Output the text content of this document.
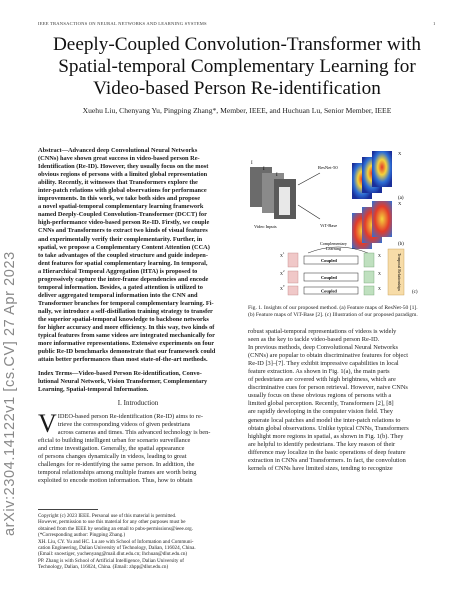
IEEE TRANSACTIONS ON NEURAL NETWORKS AND LEARNING SYSTEMS	1
Deeply-Coupled Convolution-Transformer with
Spatial-temporal Complementary Learning for
Video-based Person Re-identification
Xuehu Liu, Chenyang Yu, Pingping Zhang*, Member, IEEE, and Huchuan Lu, Senior Member, IEEE
arXiv:2304.14122v1 [cs.CV] 27 Apr 2023
Abstract—Advanced deep Convolutional Neural Networks
(CNNs) have shown great success in video-based person Re-
Identification (Re-ID). However, they usually focus on the most
obvious regions of persons with a limited global representation
ability. Recently, it witnesses that Transformers explore the
inter-patch relations with global observations for performance
improvements. In this work, we take both sides and propose
a novel spatial-temporal complementary learning framework
named Deeply-Coupled Convolution-Transformer (DCCT) for
high-performance video-based person Re-ID. Firstly, we couple
CNNs and Transformers to extract two kinds of visual features
and experimentally verify their complementarity. Further, in
spatial, we propose a Complementary Content Attention (CCA)
to take advantages of the coupled structure and guide indepen-
dent features for spatial complementary learning. In temporal,
a Hierarchical Temporal Aggregation (HTA) is proposed to
progressively capture the inter-frame dependencies and encode
temporal information. Besides, a gated attention is utilized to
deliver aggregated temporal information into the CNN and
Transformer branches for temporal complementary learning. Fi-
nally, we introduce a self-distillation training strategy to transfer
the superior spatial-temporal knowledge to backbone networks
for higher accuracy and more efficiency. In this way, two kinds of
typical features from same videos are integrated mechanically for
more informative representations. Extensive experiments on four
public Re-ID benchmarks demonstrate that our framework could
attain better performances than most state-of-the-art methods.
Index Terms—Video-based Person Re-identification, Convo-
lutional Neural Network, Vision Transformer, Complementary
Learning, Spatial-temporal Information.
I. Introduction
V IDEO-based person Re-identification (Re-ID) aims to re-
trieve the corresponding videos of given pedestrians
across cameras and times. This advanced technology is ben-
eficial to building intelligent urban for scenario surveillance
and crime investigation. Generally, the spatial appearance
of persons changes dynamically in videos, leading to great
challenges for re-identifying the same person. In addition, the
temporal relationships among multiple frames are worth being
exploited to encode motion information. Thus, how to obtain
Copyright (c) 2023 IEEE. Personal use of this material is permitted.
However, permission to use this material for any other purposes must be
obtained from the IEEE by sending an email to pubs-permissions@ieee.org.
(*Corresponding author: Pingping Zhang.)
XH. Liu, CY. Yu and HC. Lu are with School of Information and Communi-
cation Engineering, Dalian University of Technology, Dalian, 116024, China.
(Email: snowtiger, yuchenyang@mail.dlut.edu.cn; lhchuan@dlut.edu.cn)
PP. Zhang is with School of Artificial Intelligence, Dalian University of
Technology, Dalian, 116024, China. (Email: zhpp@dlut.edu.cn)
I
I
I
Video Inputs
ResNet-50
ViT-Base
X
(a)
X
(b)
Complementary
Learning
Coupled
X	X
1
Coupled
X	X
2
Coupled
X	X
T	Temporal Relationships
(c)
Fig. 1. Insights of our proposed method. (a) Feature maps of ResNet-50 [1].
(b) Feature maps of ViT-Base [2]. (c) Illustration of our proposed paradigm.
robust spatial-temporal representations of videos is widely
seen as the key to tackle video-based person Re-ID.
In previous methods, deep Convolutional Neural Networks
(CNNs) are popular to obtain discriminative features for object
Re-ID [3]–[7]. They exhibit impressive capabilities in local
feature extraction. As shown in Fig. 1(a), the main parts
of pedestrians are covered with high brightness, which are
discriminative cues for person retrieval. However, naive CNNs
usually focus on these obvious regions of persons with a
limited global perception. Recently, Transformers [2], [8]
are rapidly developing in the computer vision field. They
generate local patches and model the inter-patch relations to
obtain global observations. Unlike typical CNNs, Transformers
highlight more regions in spatial, as shown in Fig. 1(b). They
are helpful to identify pedestrians. The key reason of their
difference may localize in the basic operations of deep feature
extraction in CNNs and Transformers. In fact, the convolution
kernels of CNNs have limited sizes, tending to recognize
